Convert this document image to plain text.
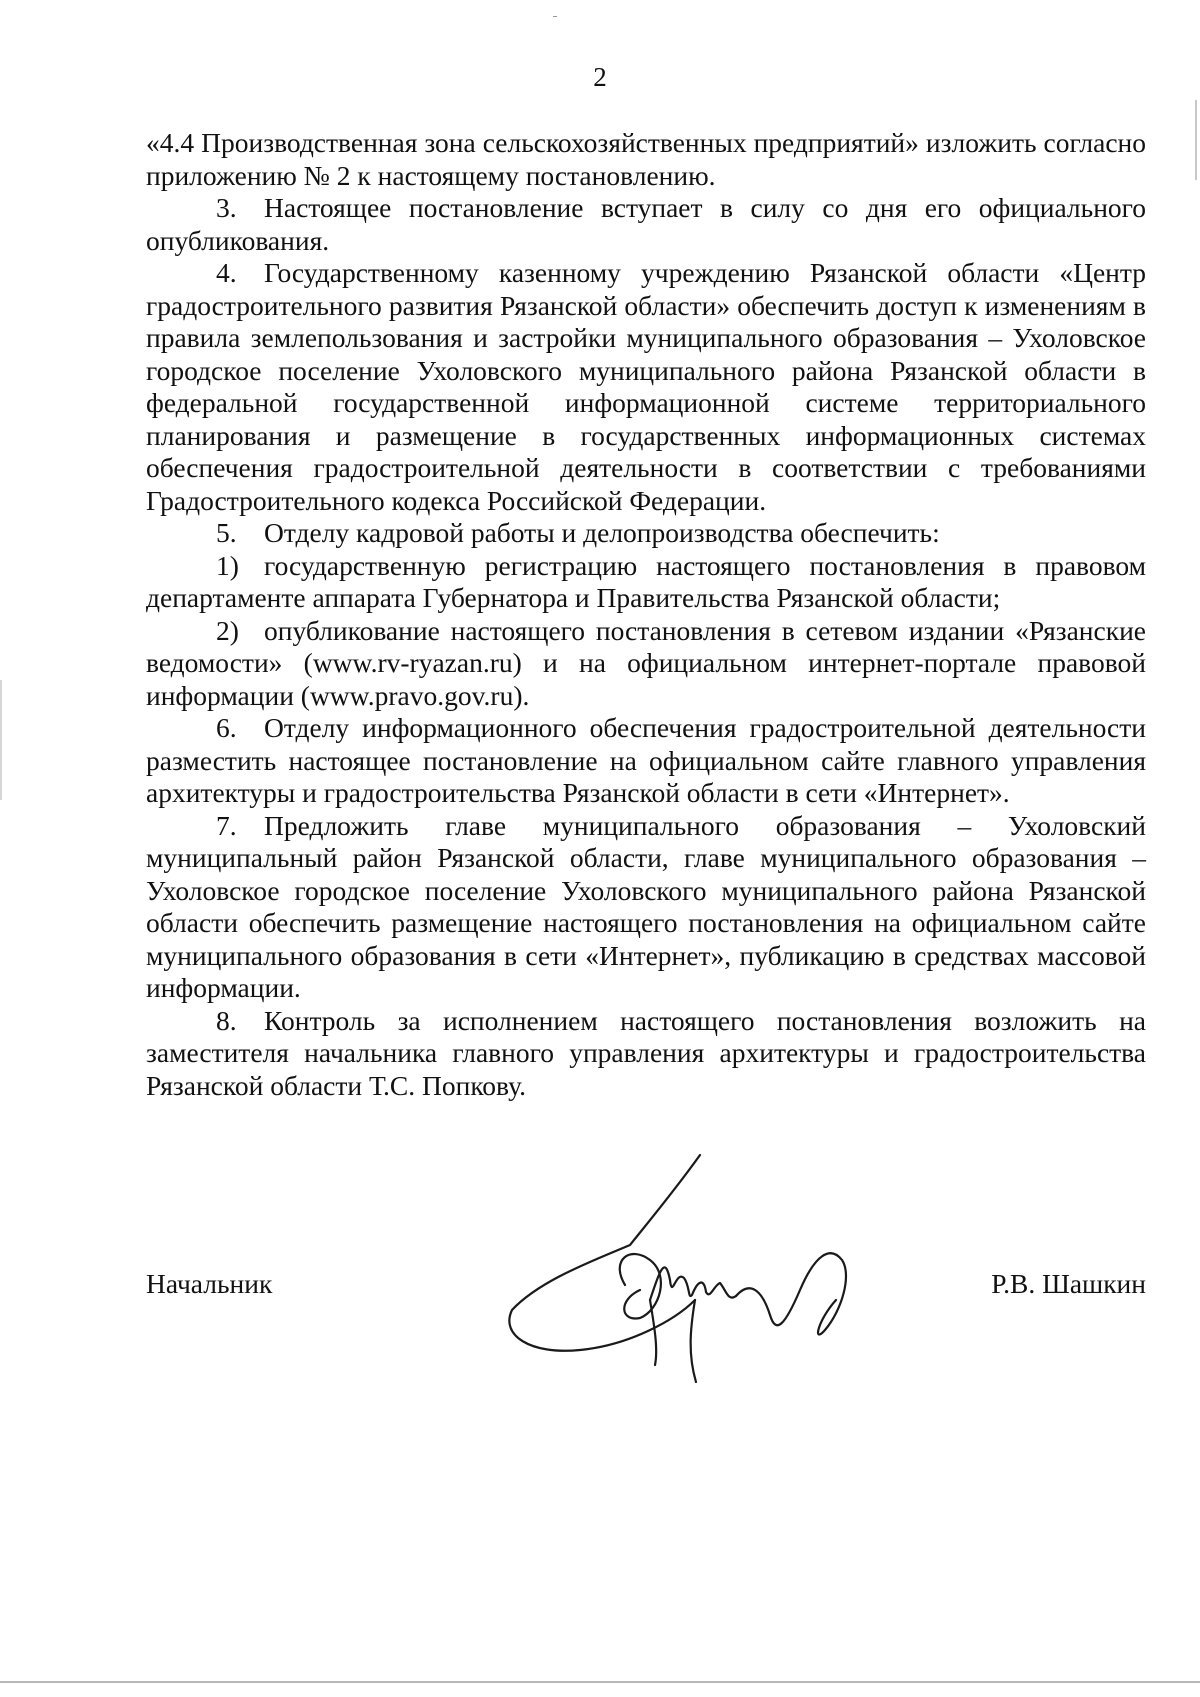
2

«4.4 Производственная зона сельскохозяйственных предприятий» изложить согласно приложению № 2 к настоящему постановлению.

3. Настоящее постановление вступает в силу со дня его официального опубликования.

4. Государственному казенному учреждению Рязанской области «Центр градостроительного развития Рязанской области» обеспечить доступ к изменениям в правила землепользования и застройки муниципального образования – Ухоловское городское поселение Ухоловского муниципального района Рязанской области в федеральной государственной информационной системе территориального планирования и размещение в государственных информационных системах обеспечения градостроительной деятельности в соответствии с требованиями Градостроительного кодекса Российской Федерации.

5. Отделу кадровой работы и делопроизводства обеспечить:

1) государственную регистрацию настоящего постановления в правовом департаменте аппарата Губернатора и Правительства Рязанской области;

2) опубликование настоящего постановления в сетевом издании «Рязанские ведомости» (www.rv-ryazan.ru) и на официальном интернет-портале правовой информации (www.pravo.gov.ru).

6. Отделу информационного обеспечения градостроительной деятельности разместить настоящее постановление на официальном сайте главного управления архитектуры и градостроительства Рязанской области в сети «Интернет».

7. Предложить главе муниципального образования – Ухоловский муниципальный район Рязанской области, главе муниципального образования – Ухоловское городское поселение Ухоловского муниципального района Рязанской области обеспечить размещение настоящего постановления на официальном сайте муниципального образования в сети «Интернет», публикацию в средствах массовой информации.

8. Контроль за исполнением настоящего постановления возложить на заместителя начальника главного управления архитектуры и градостроительства Рязанской области Т.С. Попкову.

Начальник	Р.В. Шашкин
